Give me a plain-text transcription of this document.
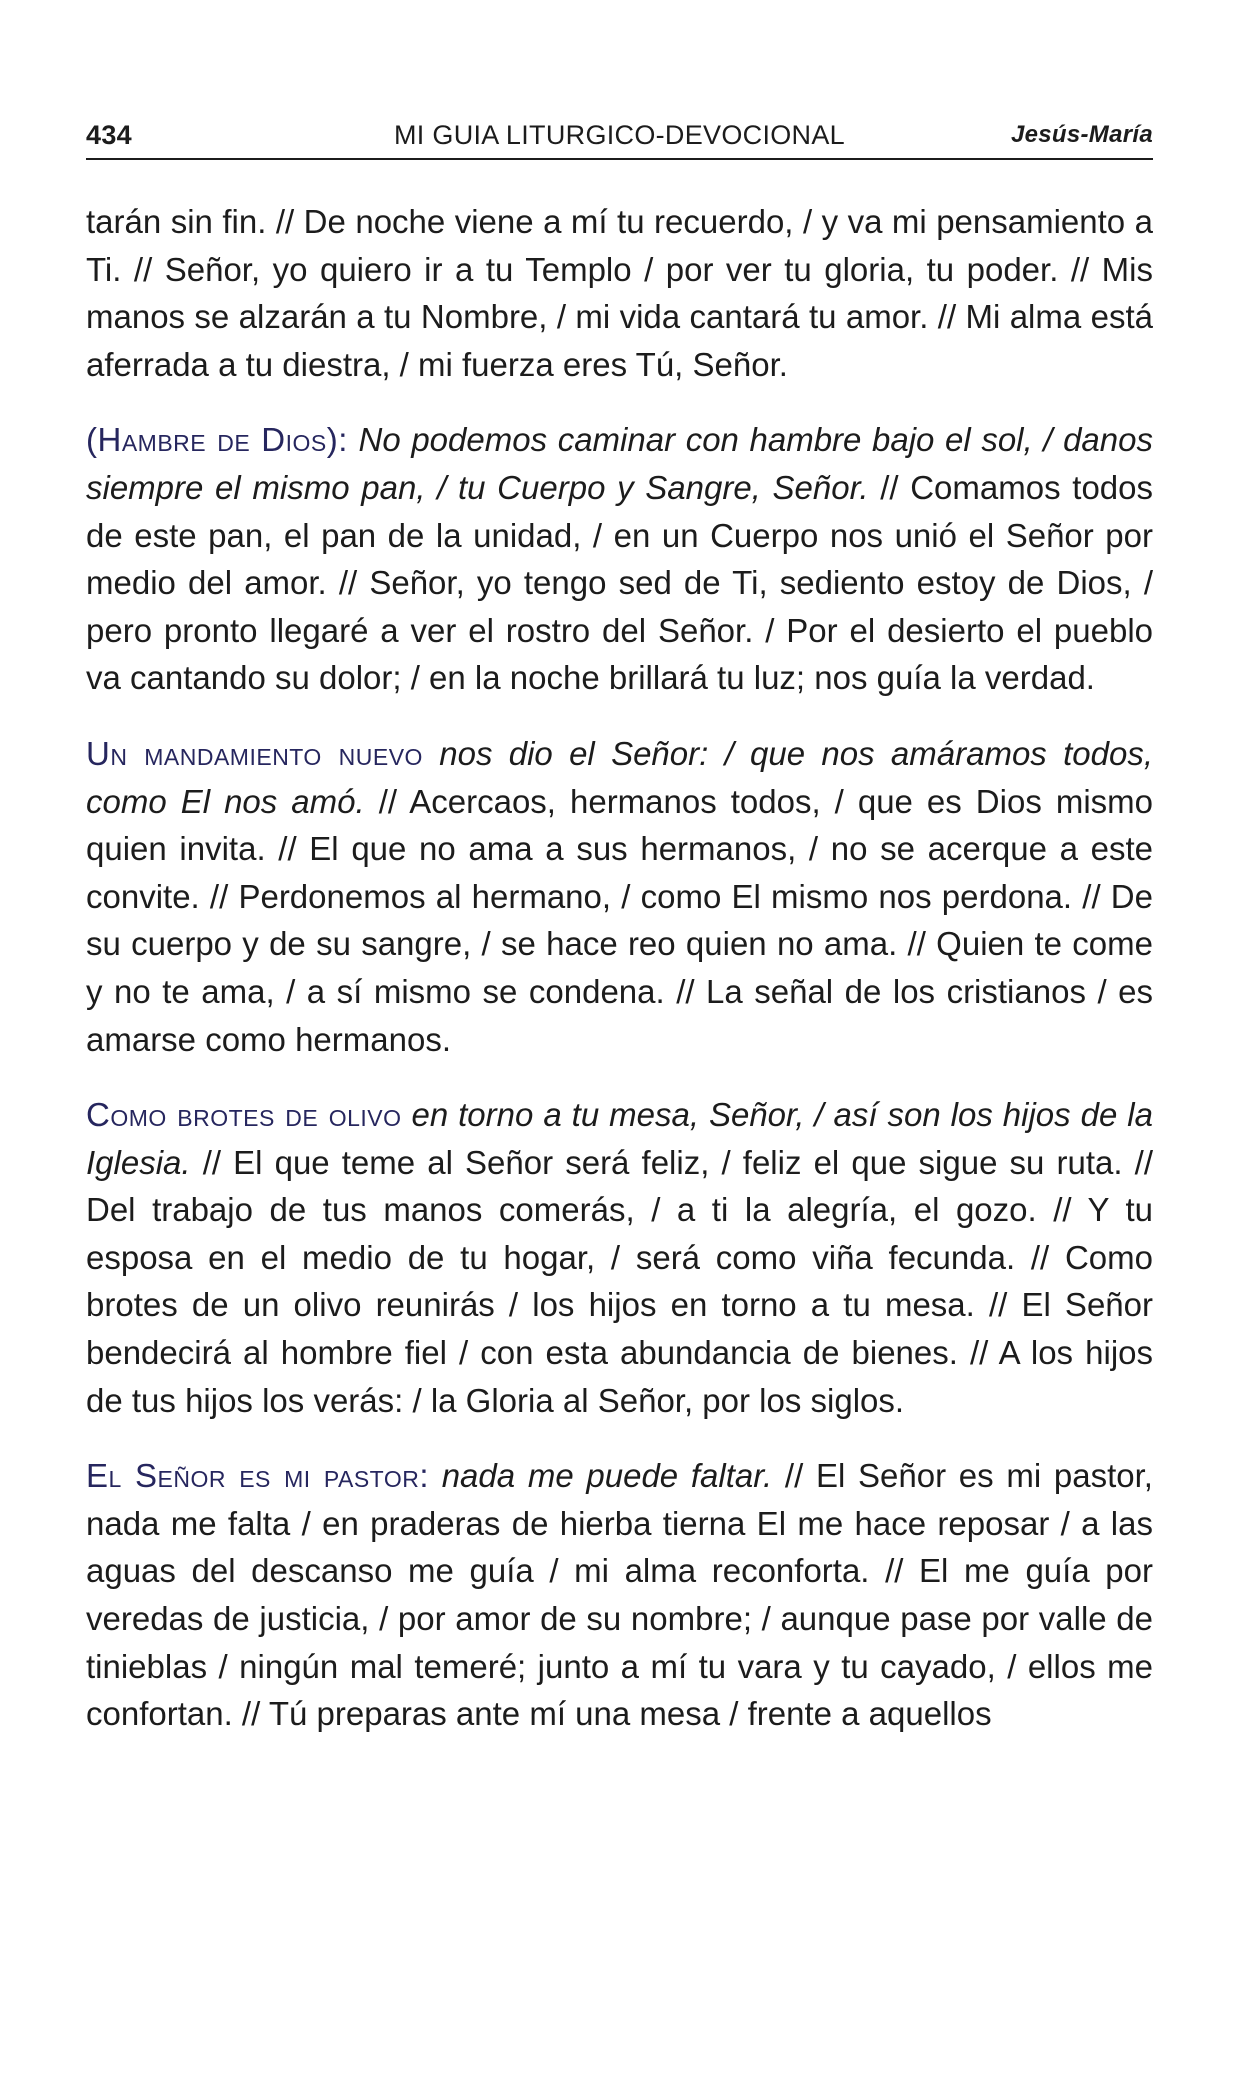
434	MI GUIA LITURGICO-DEVOCIONAL	Jesús-María

tarán sin fin. // De noche viene a mí tu recuerdo, / y va mi pensamiento a Ti. // Señor, yo quiero ir a tu Templo / por ver tu gloria, tu poder. // Mis manos se alzarán a tu Nombre, / mi vida cantará tu amor. // Mi alma está aferrada a tu diestra, / mi fuerza eres Tú, Señor.

(Hambre de Dios): No podemos caminar con hambre bajo el sol, / danos siempre el mismo pan, / tu Cuerpo y Sangre, Señor. // Comamos todos de este pan, el pan de la unidad, / en un Cuerpo nos unió el Señor por medio del amor. // Señor, yo tengo sed de Ti, sediento estoy de Dios, / pero pronto llegaré a ver el rostro del Señor. / Por el desierto el pueblo va cantando su dolor; / en la noche brillará tu luz; nos guía la verdad.

Un mandamiento nuevo nos dio el Señor: / que nos amáramos todos, como El nos amó. // Acercaos, hermanos todos, / que es Dios mismo quien invita. // El que no ama a sus hermanos, / no se acerque a este convite. // Perdonemos al hermano, / como El mismo nos perdona. // De su cuerpo y de su sangre, / se hace reo quien no ama. // Quien te come y no te ama, / a sí mismo se condena. // La señal de los cristianos / es amarse como hermanos.

Como brotes de olivo en torno a tu mesa, Señor, / así son los hijos de la Iglesia. // El que teme al Señor será feliz, / feliz el que sigue su ruta. // Del trabajo de tus manos comerás, / a ti la alegría, el gozo. // Y tu esposa en el medio de tu hogar, / será como viña fecunda. // Como brotes de un olivo reunirás / los hijos en torno a tu mesa. // El Señor bendecirá al hombre fiel / con esta abundancia de bienes. // A los hijos de tus hijos los verás: / la Gloria al Señor, por los siglos.

El Señor es mi pastor: nada me puede faltar. // El Señor es mi pastor, nada me falta / en praderas de hierba tierna El me hace reposar / a las aguas del descanso me guía / mi alma reconforta. // El me guía por veredas de justicia, / por amor de su nombre; / aunque pase por valle de tinieblas / ningún mal temeré; junto a mí tu vara y tu cayado, / ellos me confortan. // Tú preparas ante mí una mesa / frente a aquellos
